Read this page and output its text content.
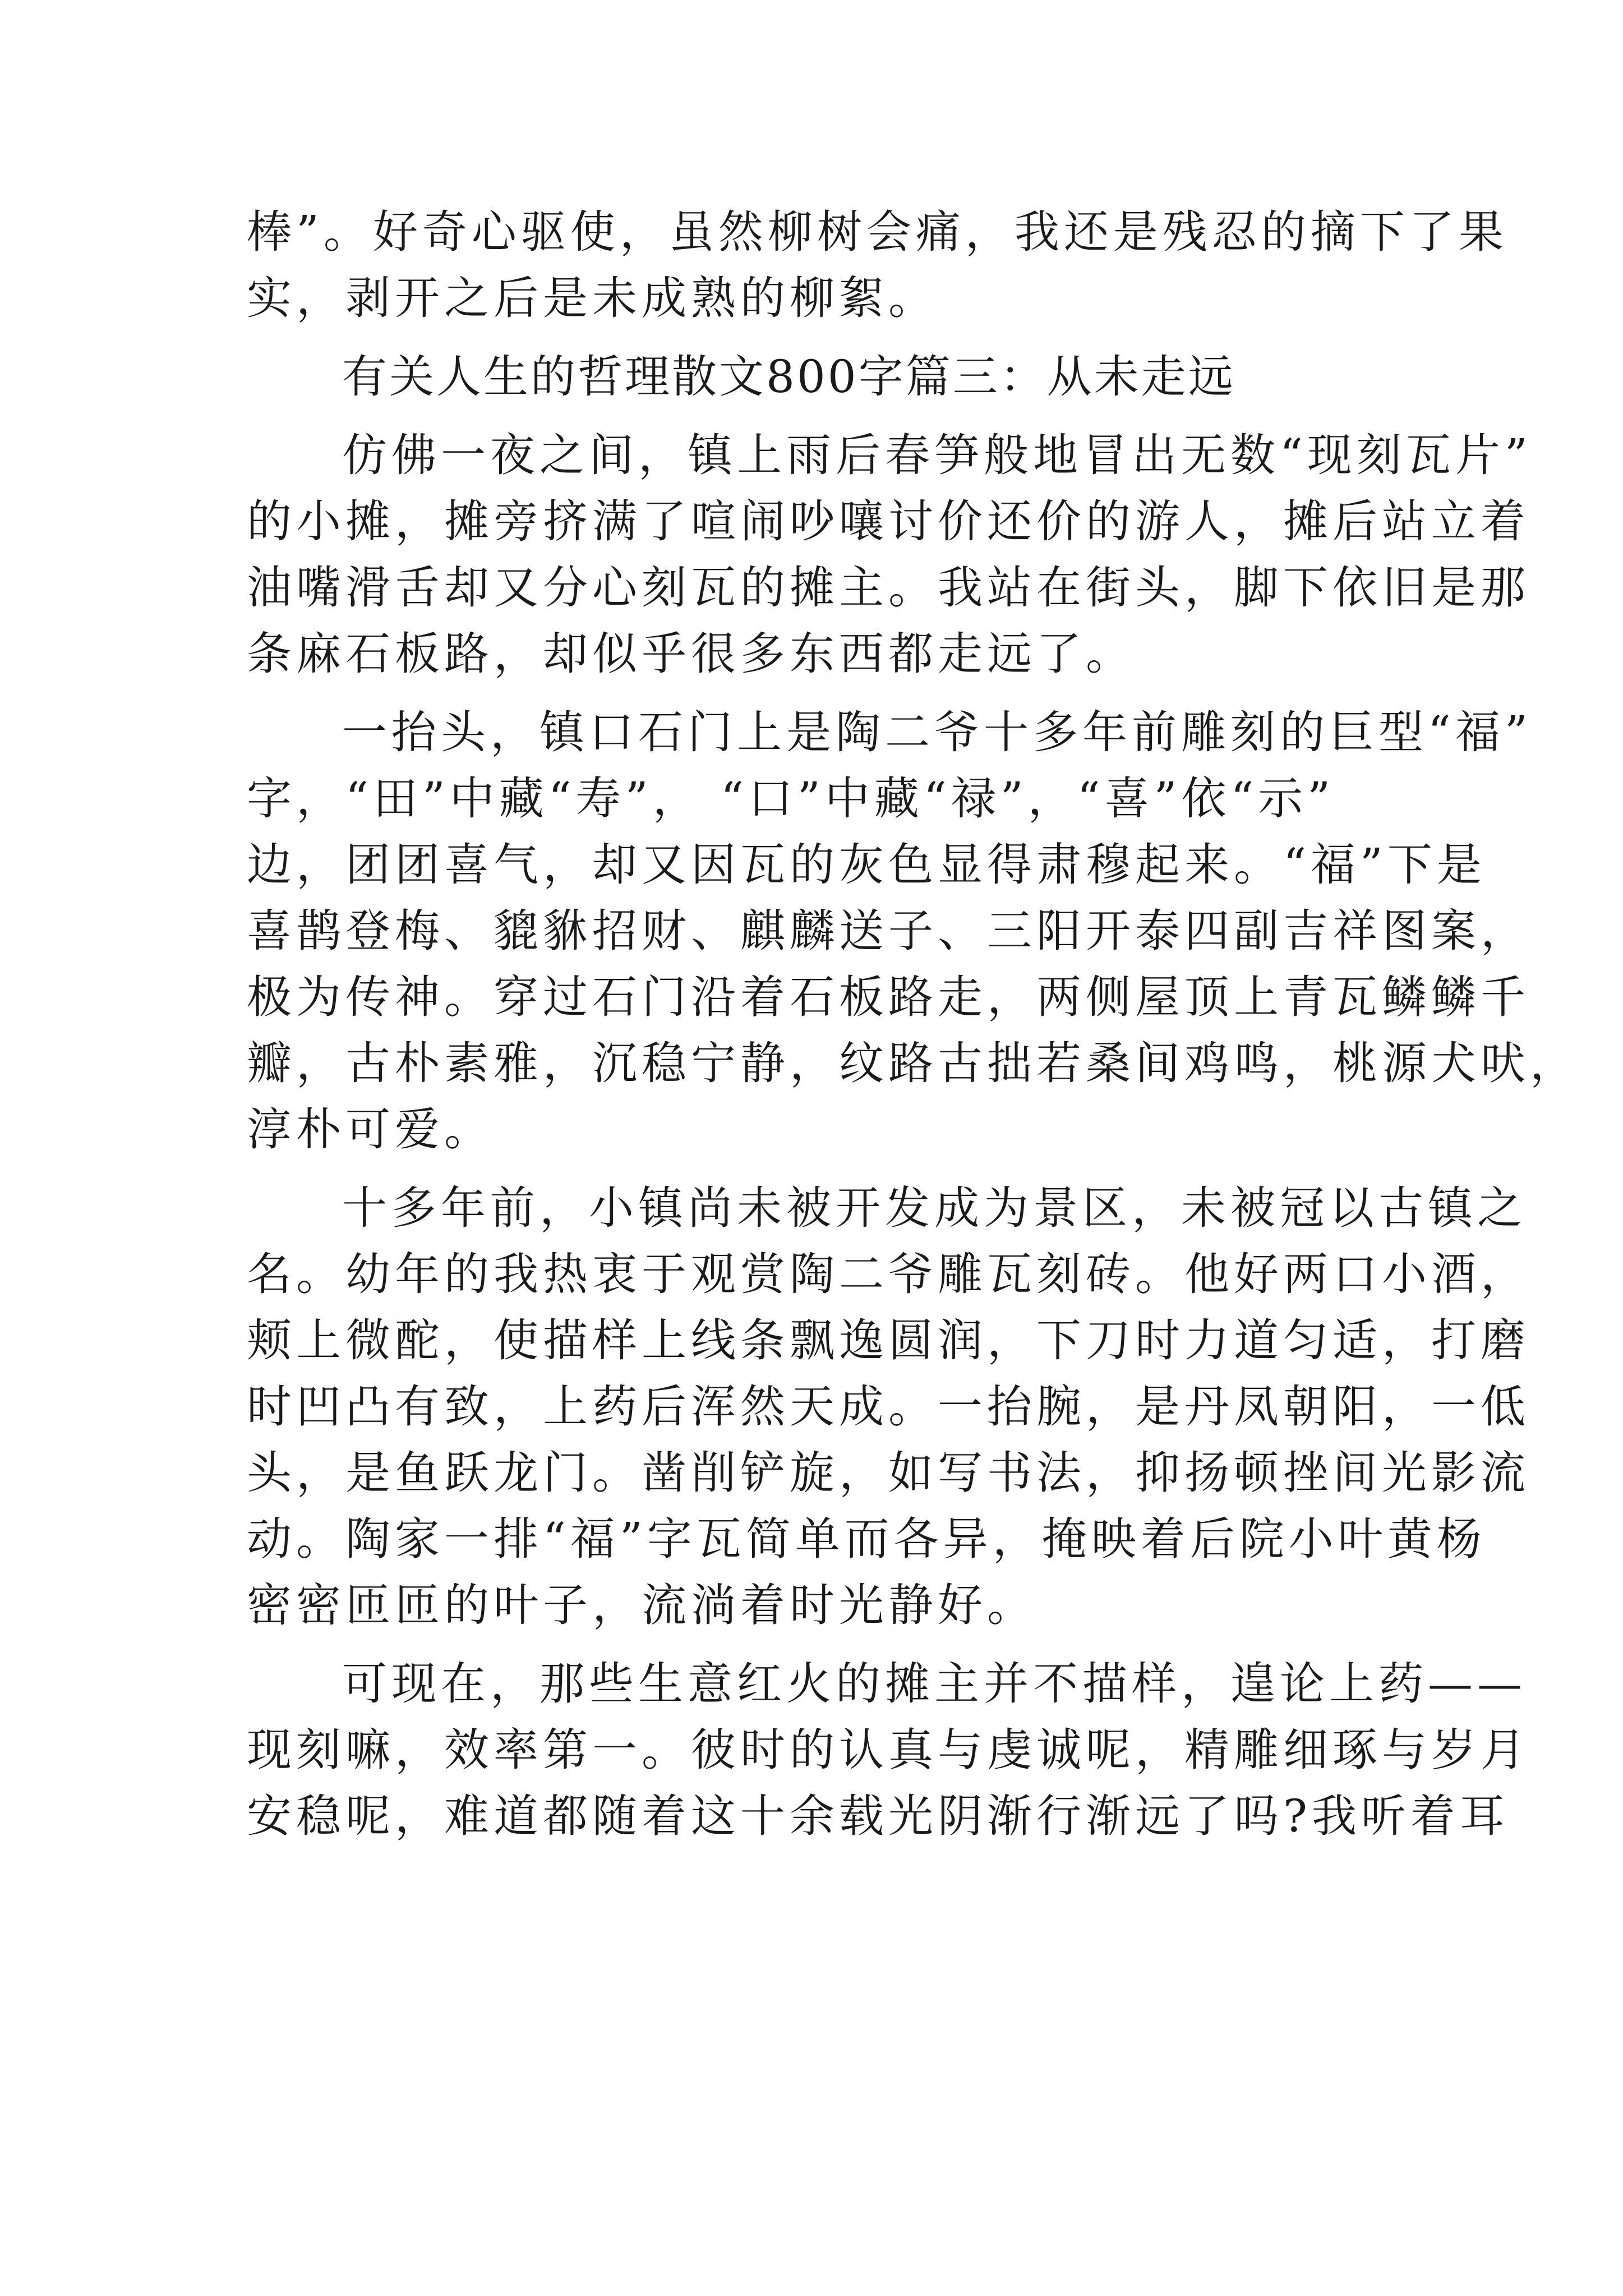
棒”。好奇心驱使，虽然柳树会痛，我还是残忍的摘下了果
实，剥开之后是未成熟的柳絮。
有关人生的哲理散文800字篇三：从未走远
仿佛一夜之间，镇上雨后春笋般地冒出无数“现刻瓦片”
的小摊，摊旁挤满了喧闹吵嚷讨价还价的游人，摊后站立着
油嘴滑舌却又分心刻瓦的摊主。我站在街头，脚下依旧是那
条麻石板路，却似乎很多东西都走远了。
一抬头，镇口石门上是陶二爷十多年前雕刻的巨型“福”
字，“田”中藏“寿”， “口”中藏“禄”，“喜”依“示”
边，团团喜气，却又因瓦的灰色显得肃穆起来。“福”下是
喜鹊登梅、貔貅招财、麒麟送子、三阳开泰四副吉祥图案，
极为传神。穿过石门沿着石板路走，两侧屋顶上青瓦鳞鳞千
瓣，古朴素雅，沉稳宁静，纹路古拙若桑间鸡鸣，桃源犬吠，
淳朴可爱。
十多年前，小镇尚未被开发成为景区，未被冠以古镇之
名。幼年的我热衷于观赏陶二爷雕瓦刻砖。他好两口小酒，
颊上微酡，使描样上线条飘逸圆润，下刀时力道匀适，打磨
时凹凸有致，上药后浑然天成。一抬腕，是丹凤朝阳，一低
头，是鱼跃龙门。凿削铲旋，如写书法，抑扬顿挫间光影流
动。陶家一排“福”字瓦简单而各异，掩映着后院小叶黄杨
密密匝匝的叶子，流淌着时光静好。
可现在，那些生意红火的摊主并不描样，遑论上药——
现刻嘛，效率第一。彼时的认真与虔诚呢，精雕细琢与岁月
安稳呢，难道都随着这十余载光阴渐行渐远了吗?我听着耳
